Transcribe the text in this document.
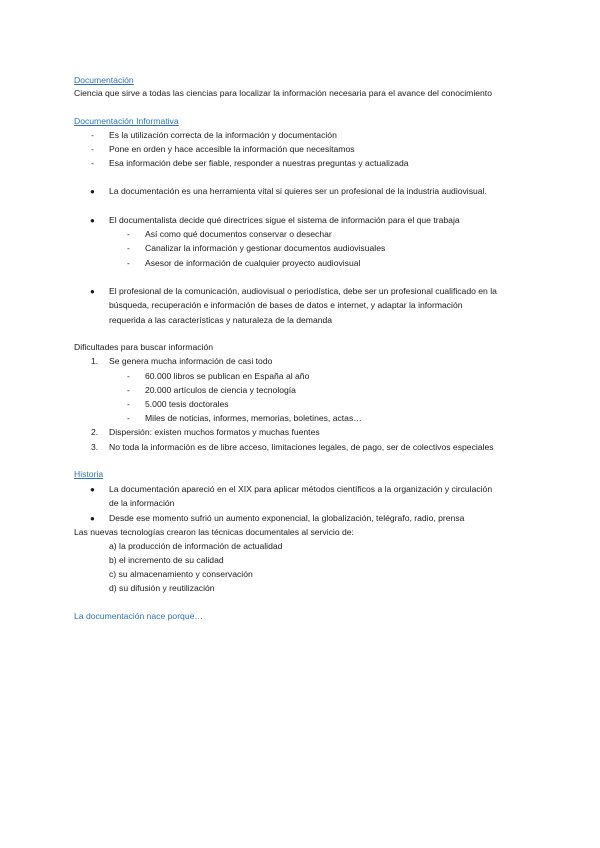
Documentación
Ciencia que sirve a todas las ciencias para localizar la información necesaria para el avance del conocimiento
Documentación Informativa
- Es la utilización correcta de la información y documentación
- Pone en orden y hace accesible la información que necesitamos
- Esa información debe ser fiable, responder a nuestras preguntas y actualizada
● La documentación es una herramienta vital si quieres ser un profesional de la industria audiovisual.
● El documentalista decide qué directrices sigue el sistema de información para el que trabaja
- Así como qué documentos conservar o desechar
- Canalizar la información y gestionar documentos audiovisuales
- Asesor de información de cualquier proyecto audiovisual
● El profesional de la comunicación, audiovisual o periodística, debe ser un profesional cualificado en la
búsqueda, recuperación e información de bases de datos e internet, y adaptar la información
requerida a las características y naturaleza de la demanda
Dificultades para buscar información
1. Se genera mucha información de casi todo
- 60.000 libros se publican en España al año
- 20.000 artículos de ciencia y tecnología
- 5.000 tesis doctorales
- Miles de noticias, informes, memorias, boletines, actas…
2. Dispersión: existen muchos formatos y muchas fuentes
3. No toda la información es de libre acceso, limitaciones legales, de pago, ser de colectivos especiales
Historia
● La documentación apareció en el XIX para aplicar métodos científicos a la organización y circulación
de la información
● Desde ese momento sufrió un aumento exponencial, la globalización, telégrafo, radio, prensa
Las nuevas tecnologías crearon las técnicas documentales al servicio de:
a) la producción de información de actualidad
b) el incremento de su calidad
c) su almacenamiento y conservación
d) su difusión y reutilización
La documentación nace porque…
